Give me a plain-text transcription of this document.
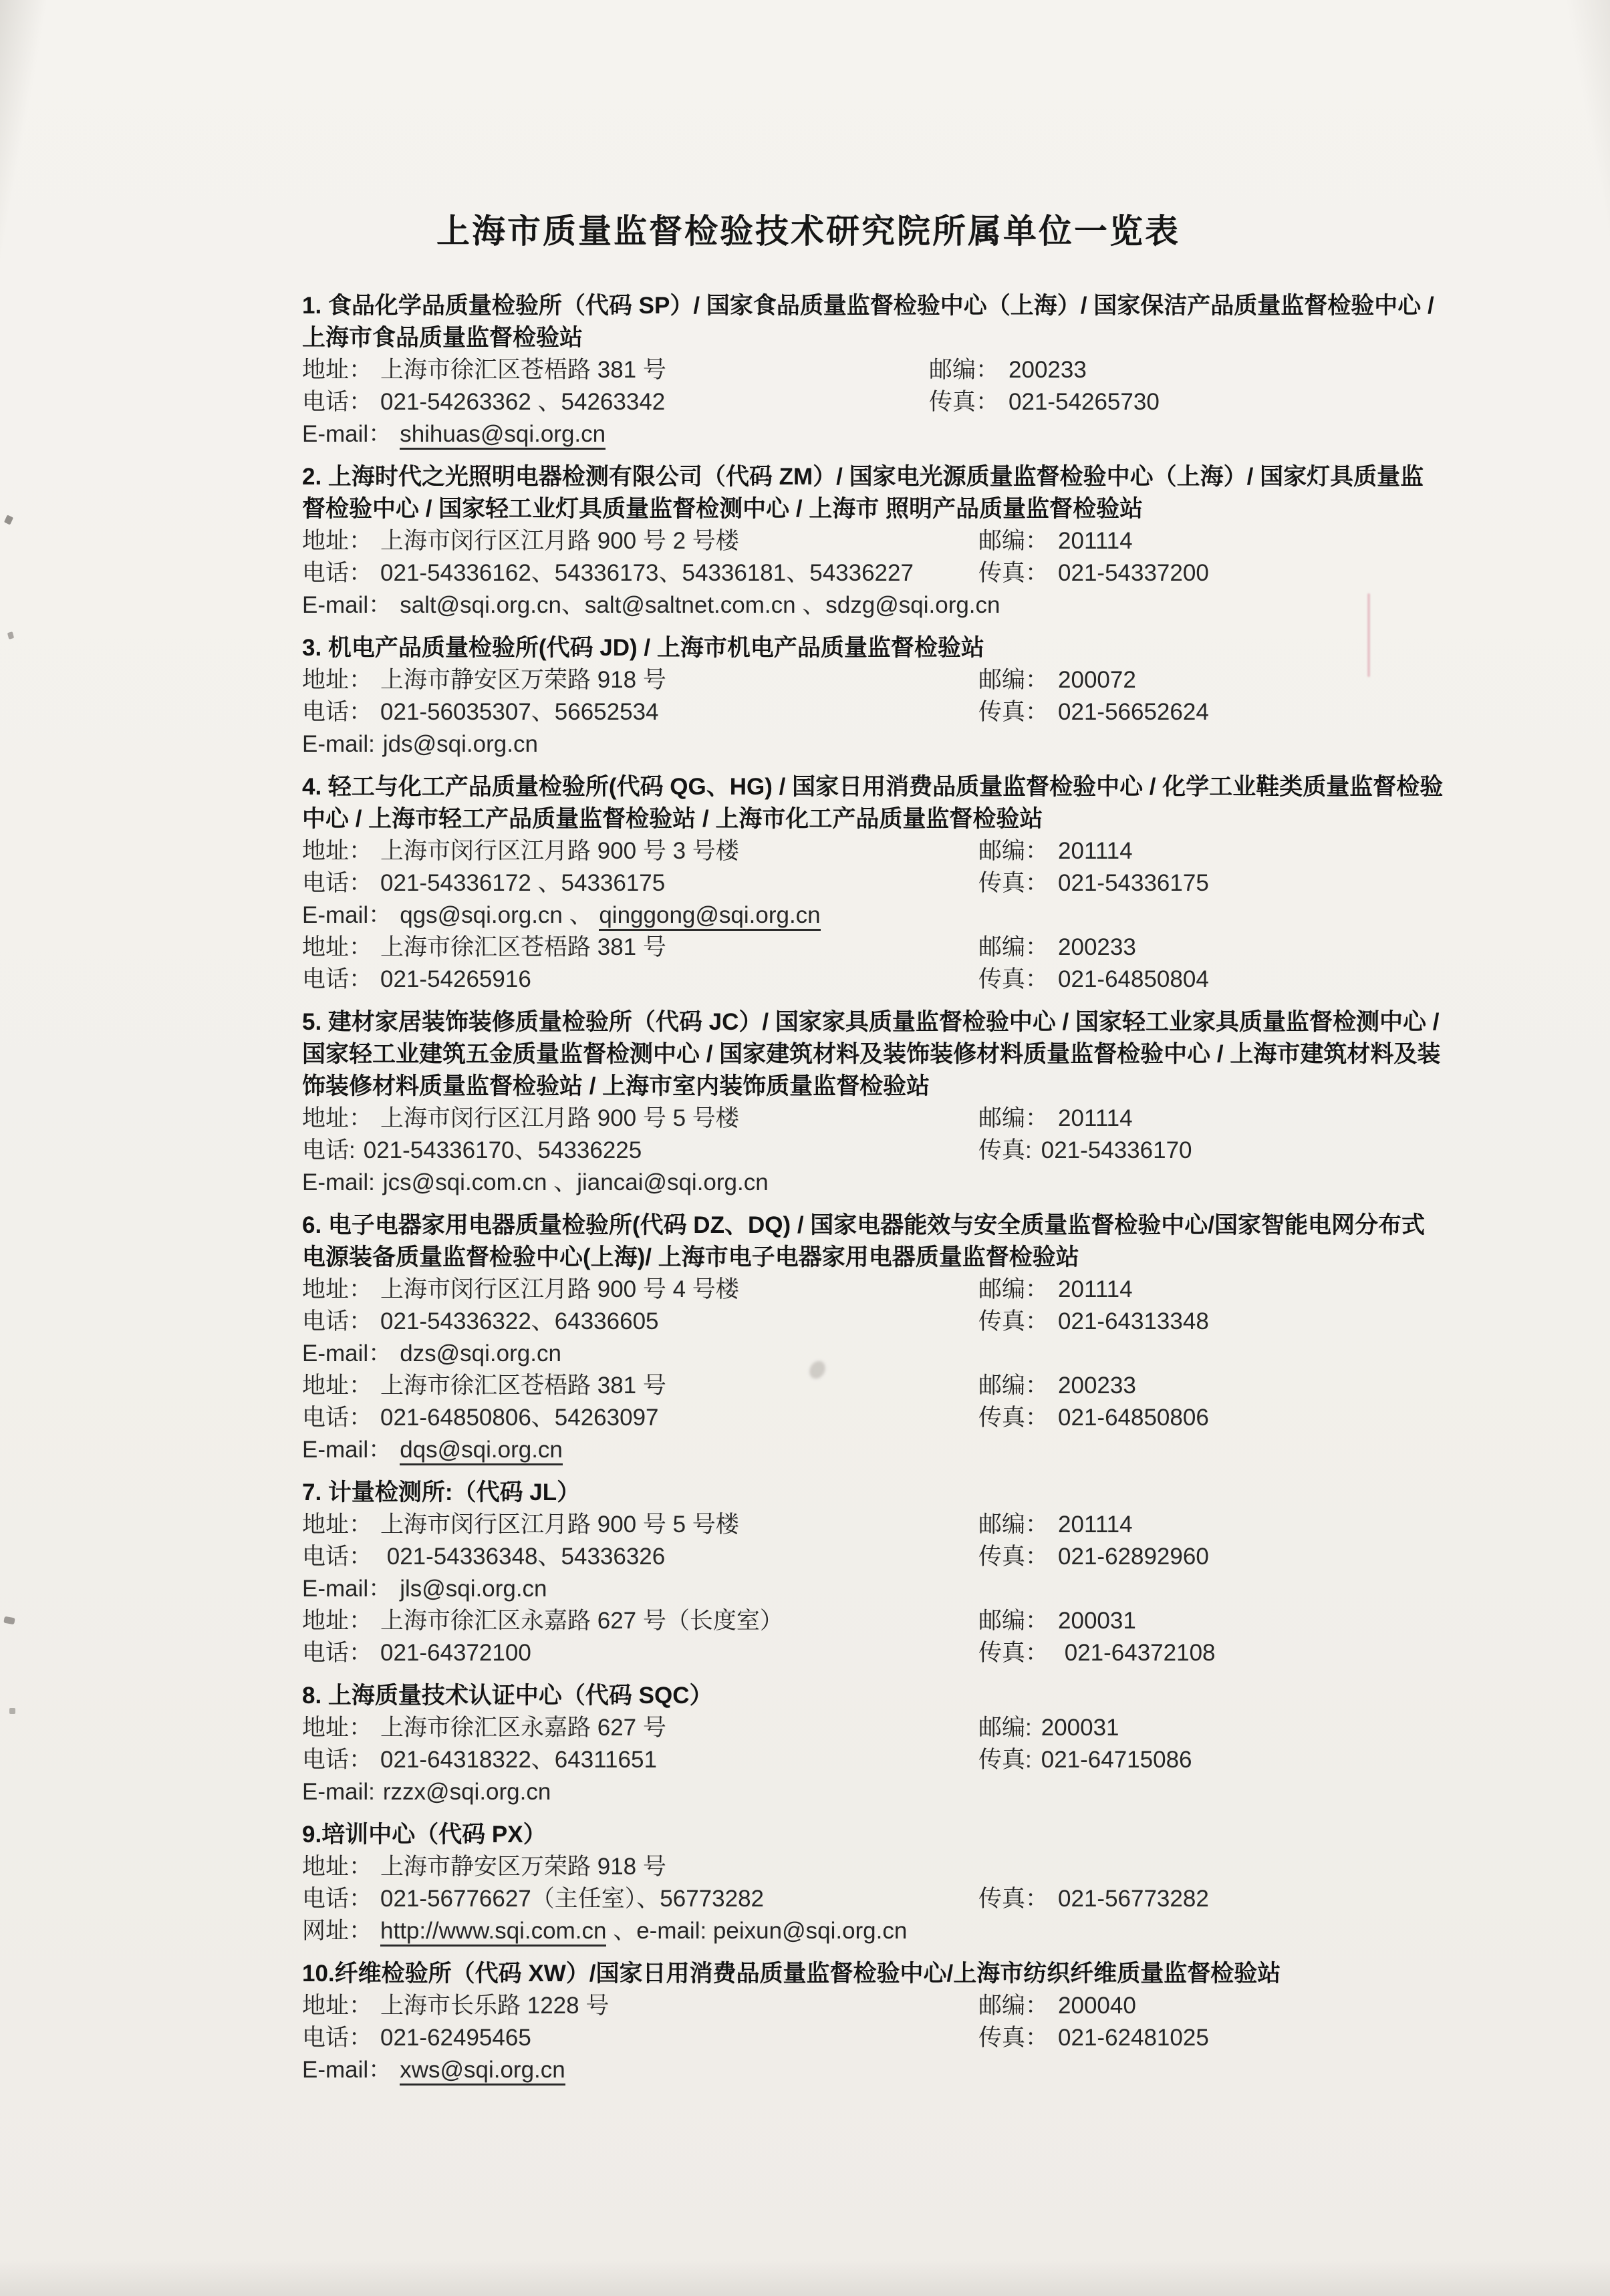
上海市质量监督检验技术研究院所属单位一览表
1. 食品化学品质量检验所（代码 SP）/ 国家食品质量监督检验中心（上海）/ 国家保洁产品质量监督检验中心 / 上海市食品质量监督检验站
地址： 上海市徐汇区苍梧路 381 号	邮编： 200233
电话： 021-54263362 、54263342	传真： 021-54265730
E-mail： shihuas@sqi.org.cn
2. 上海时代之光照明电器检测有限公司（代码 ZM）/ 国家电光源质量监督检验中心（上海）/ 国家灯具质量监督检验中心 / 国家轻工业灯具质量监督检测中心 / 上海市 照明产品质量监督检验站
地址： 上海市闵行区江月路 900 号 2 号楼	邮编： 201114
电话： 021-54336162、54336173、54336181、54336227	传真： 021-54337200
E-mail： salt@sqi.org.cn、salt@saltnet.com.cn 、sdzg@sqi.org.cn
3. 机电产品质量检验所(代码 JD) / 上海市机电产品质量监督检验站
地址： 上海市静安区万荣路 918 号	邮编： 200072
电话： 021-56035307、56652534	传真： 021-56652624
E-mail: jds@sqi.org.cn
4. 轻工与化工产品质量检验所(代码 QG、HG) / 国家日用消费品质量监督检验中心 / 化学工业鞋类质量监督检验中心 / 上海市轻工产品质量监督检验站 / 上海市化工产品质量监督检验站
地址： 上海市闵行区江月路 900 号 3 号楼	邮编： 201114
电话： 021-54336172 、54336175	传真： 021-54336175
E-mail： qgs@sqi.org.cn 、 qinggong@sqi.org.cn
地址： 上海市徐汇区苍梧路 381 号	邮编： 200233
电话： 021-54265916	传真： 021-64850804
5. 建材家居装饰装修质量检验所（代码 JC）/ 国家家具质量监督检验中心 / 国家轻工业家具质量监督检测中心 / 国家轻工业建筑五金质量监督检测中心 / 国家建筑材料及装饰装修材料质量监督检验中心 / 上海市建筑材料及装饰装修材料质量监督检验站 / 上海市室内装饰质量监督检验站
地址： 上海市闵行区江月路 900 号 5 号楼	邮编： 201114
电话: 021-54336170、54336225	传真: 021-54336170
E-mail: jcs@sqi.com.cn 、jiancai@sqi.org.cn
6. 电子电器家用电器质量检验所(代码 DZ、DQ) / 国家电器能效与安全质量监督检验中心/国家智能电网分布式电源装备质量监督检验中心(上海)/ 上海市电子电器家用电器质量监督检验站
地址： 上海市闵行区江月路 900 号 4 号楼	邮编： 201114
电话： 021-54336322、64336605	传真： 021-64313348
E-mail： dzs@sqi.org.cn
地址： 上海市徐汇区苍梧路 381 号	邮编： 200233
电话： 021-64850806、54263097	传真： 021-64850806
E-mail： dqs@sqi.org.cn
7. 计量检测所:（代码 JL）
地址： 上海市闵行区江月路 900 号 5 号楼	邮编： 201114
电话： 021-54336348、54336326	传真： 021-62892960
E-mail： jls@sqi.org.cn
地址： 上海市徐汇区永嘉路 627 号（长度室）	邮编： 200031
电话： 021-64372100	传真： 021-64372108
8. 上海质量技术认证中心（代码 SQC）
地址： 上海市徐汇区永嘉路 627 号	邮编: 200031
电话： 021-64318322、64311651	传真: 021-64715086
E-mail: rzzx@sqi.org.cn
9.培训中心（代码 PX）
地址： 上海市静安区万荣路 918 号
电话： 021-56776627（主任室）、56773282	传真： 021-56773282
网址： http://www.sqi.com.cn 、e-mail: peixun@sqi.org.cn
10.纤维检验所（代码 XW）/国家日用消费品质量监督检验中心/上海市纺织纤维质量监督检验站
地址： 上海市长乐路 1228 号	邮编： 200040
电话： 021-62495465	传真： 021-62481025
E-mail： xws@sqi.org.cn
